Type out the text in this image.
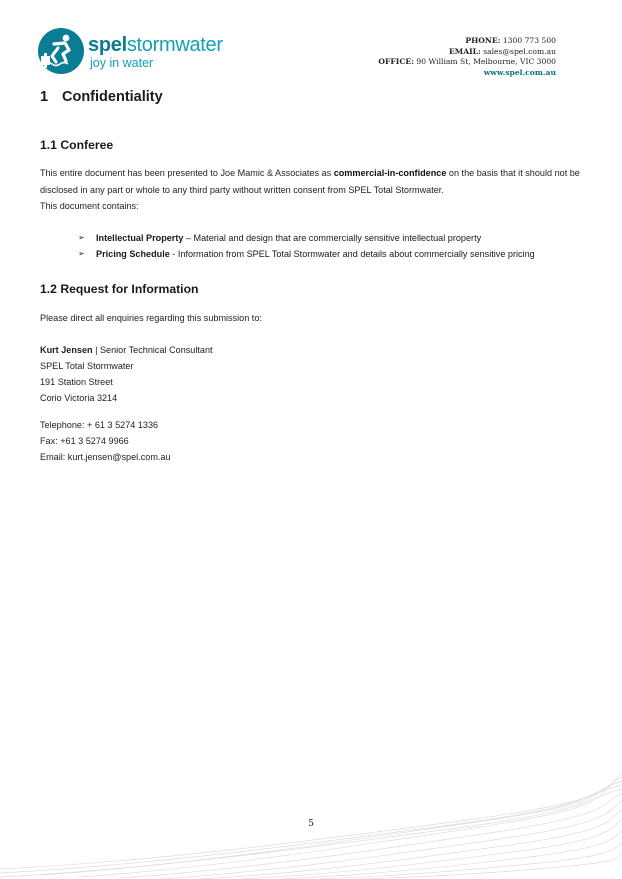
spelstormwater
joy in water
PHONE: 1300 773 500
EMAIL: sales@spel.com.au
OFFICE: 90 William St, Melbourne, VIC 3000
www.spel.com.au
1 Confidentiality
1.1 Conferee
This entire document has been presented to Joe Mamic & Associates as commercial-in-confidence on the basis that it should not be disclosed in any part or whole to any third party without written consent from SPEL Total Stormwater.
This document contains:
➢ Intellectual Property – Material and design that are commercially sensitive intellectual property
➢ Pricing Schedule - Information from SPEL Total Stormwater and details about commercially sensitive pricing
1.2 Request for Information
Please direct all enquiries regarding this submission to:
Kurt Jensen | Senior Technical Consultant
SPEL Total Stormwater
191 Station Street
Corio Victoria 3214
Telephone: + 61 3 5274 1336
Fax: +61 3 5274 9966
Email: kurt.jensen@spel.com.au
5
